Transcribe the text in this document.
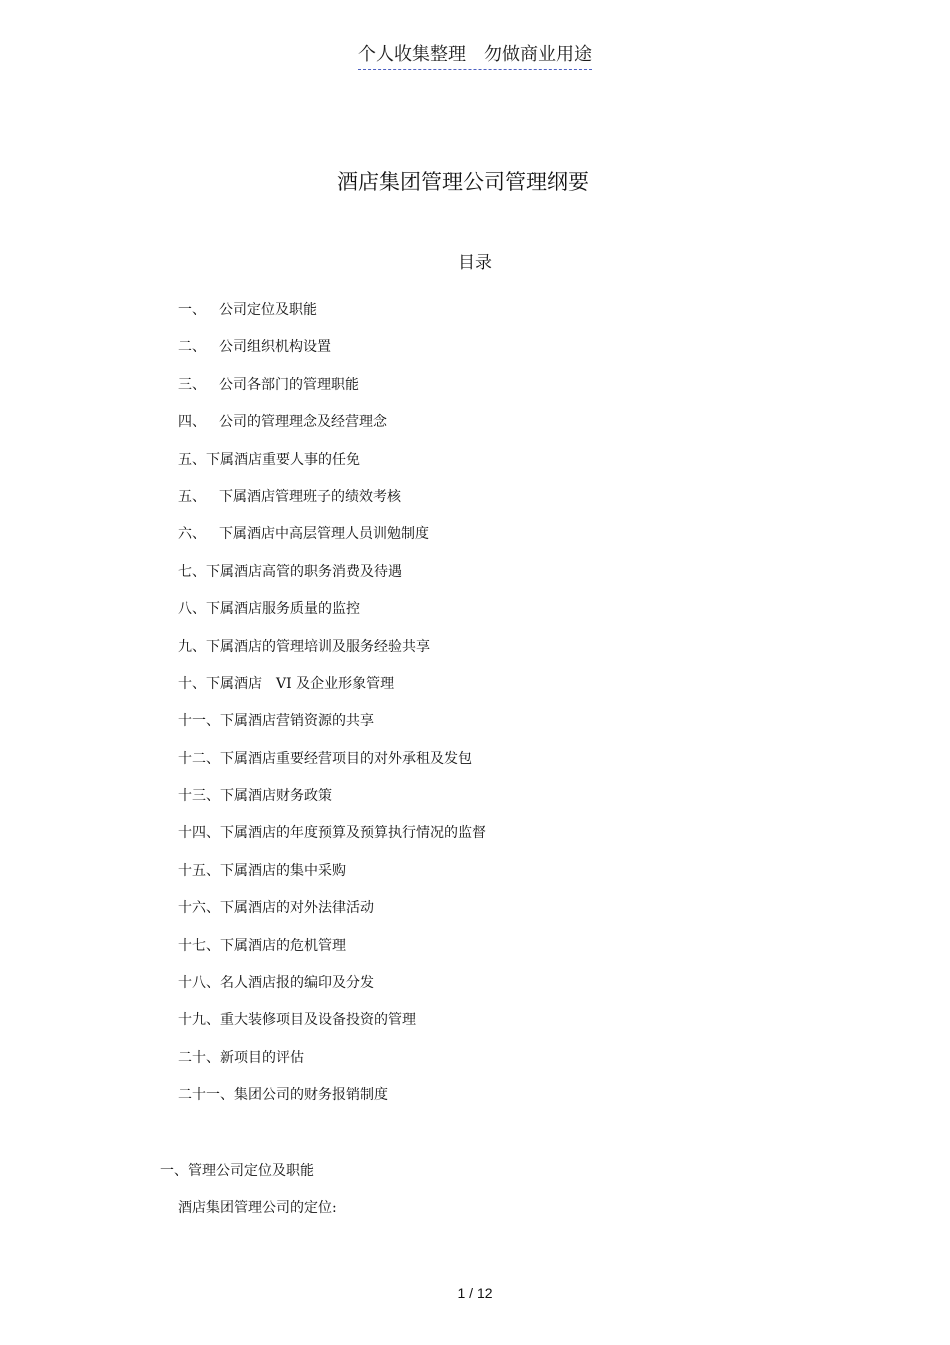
个人收集整理　勿做商业用途
酒店集团管理公司管理纲要
目录
一、 公司定位及职能
二、 公司组织机构设置
三、 公司各部门的管理职能
四、 公司的管理理念及经营理念
五、下属酒店重要人事的任免
五、 下属酒店管理班子的绩效考核
六、 下属酒店中高层管理人员训勉制度
七、下属酒店高管的职务消费及待遇
八、下属酒店服务质量的监控
九、下属酒店的管理培训及服务经验共享
十、下属酒店　VI 及企业形象管理
十一、下属酒店营销资源的共享
十二、下属酒店重要经营项目的对外承租及发包
十三、下属酒店财务政策
十四、下属酒店的年度预算及预算执行情况的监督
十五、下属酒店的集中采购
十六、下属酒店的对外法律活动
十七、下属酒店的危机管理
十八、名人酒店报的编印及分发
十九、重大装修项目及设备投资的管理
二十、新项目的评估
二十一、集团公司的财务报销制度
一、管理公司定位及职能
酒店集团管理公司的定位:
1 / 12
